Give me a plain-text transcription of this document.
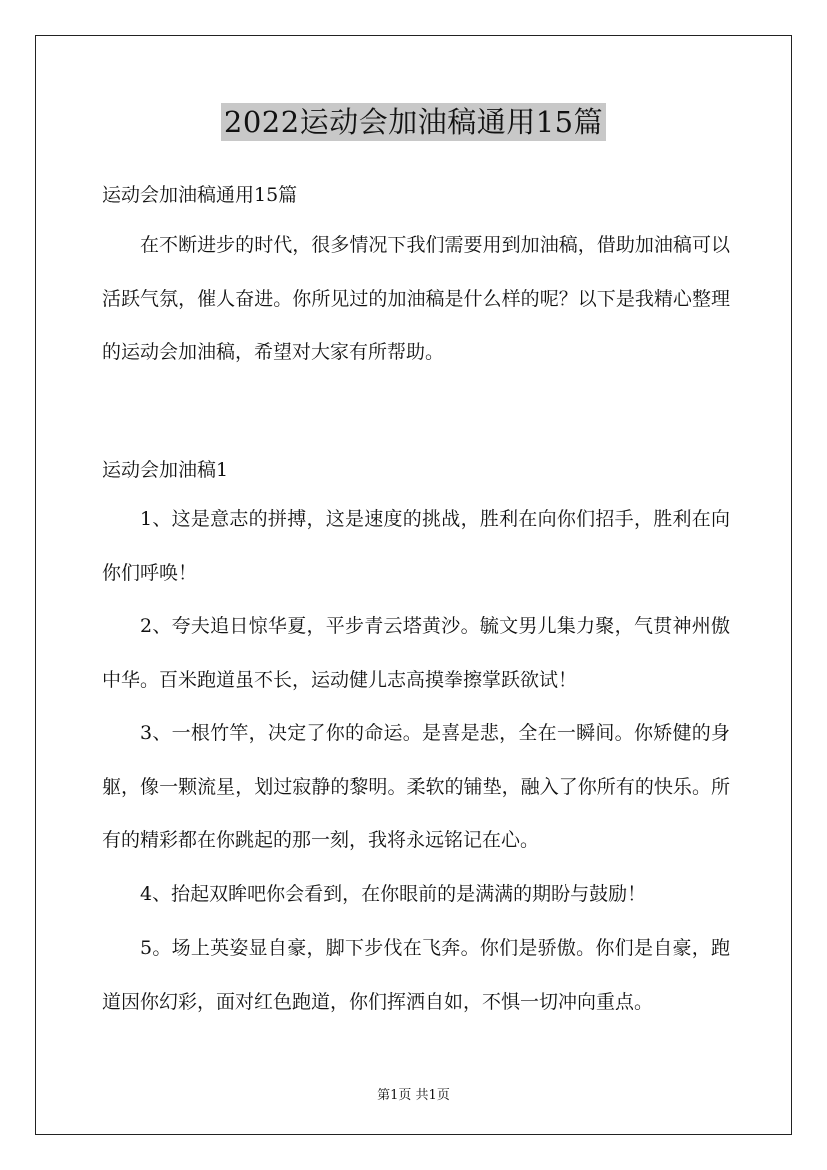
2022运动会加油稿通用15篇
运动会加油稿通用15篇

在不断进步的时代，很多情况下我们需要用到加油稿，借助加油稿可以活跃气氛，催人奋进。你所见过的加油稿是什么样的呢？以下是我精心整理的运动会加油稿，希望对大家有所帮助。

运动会加油稿1

1、这是意志的拼搏，这是速度的挑战，胜利在向你们招手，胜利在向你们呼唤！

2、夸夫追日惊华夏，平步青云塔黄沙。毓文男儿集力聚，气贯神州傲中华。百米跑道虽不长，运动健儿志高摸拳擦掌跃欲试！

3、一根竹竿，决定了你的命运。是喜是悲，全在一瞬间。你矫健的身躯，像一颗流星，划过寂静的黎明。柔软的铺垫，融入了你所有的快乐。所有的精彩都在你跳起的那一刻，我将永远铭记在心。

4、抬起双眸吧你会看到，在你眼前的是满满的期盼与鼓励！

5。场上英姿显自豪，脚下步伐在飞奔。你们是骄傲。你们是自豪，跑道因你幻彩，面对红色跑道，你们挥洒自如，不惧一切冲向重点。

第1页 共1页
